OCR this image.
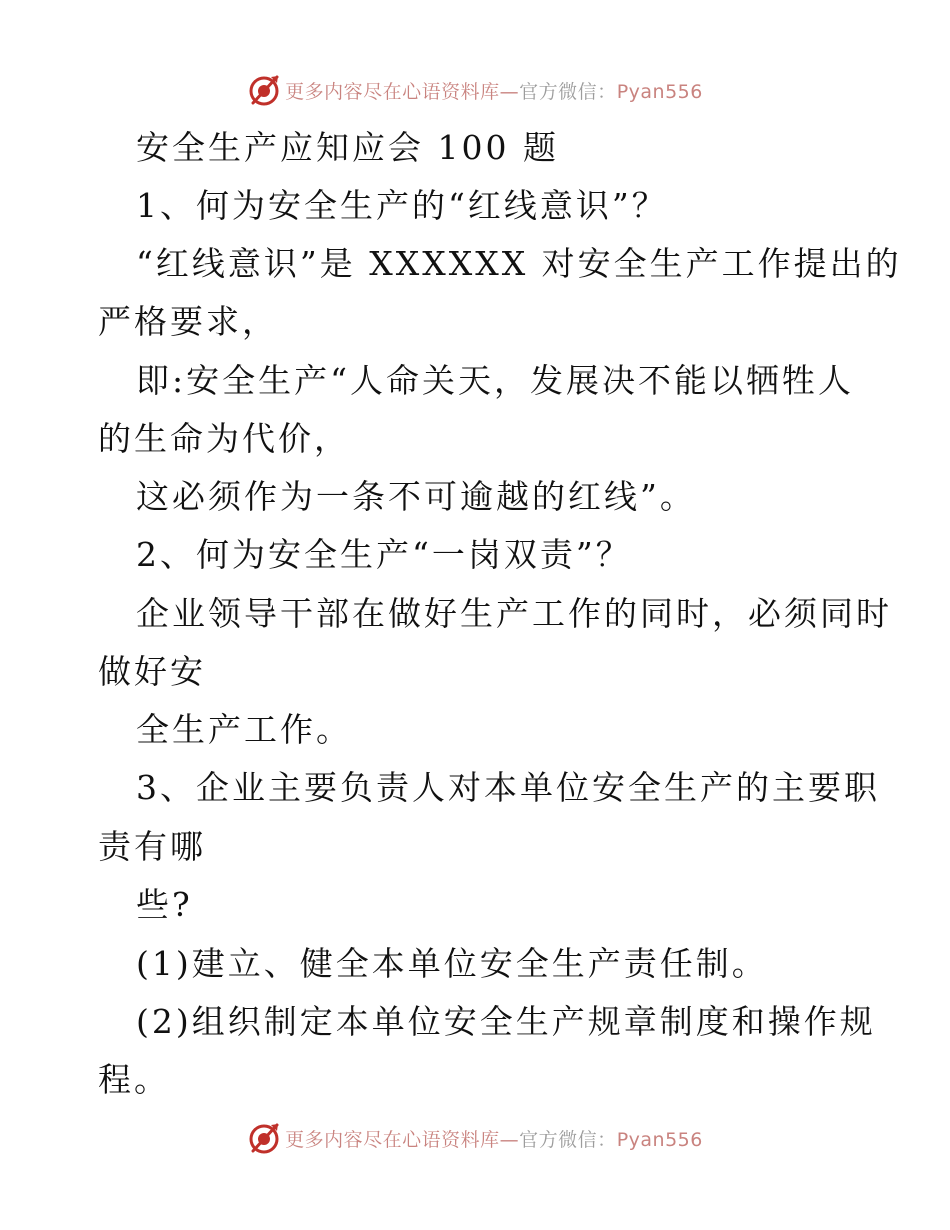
更多内容尽在心语资料库—官方微信：Pyan556
安全生产应知应会 100 题
1、何为安全生产的“红线意识”？
“红线意识”是 XXXXXX 对安全生产工作提出的
严格要求，
即:安全生产“人命关天，发展决不能以牺牲人
的生命为代价，
这必须作为一条不可逾越的红线”。
2、何为安全生产“一岗双责”？
企业领导干部在做好生产工作的同时，必须同时
做好安
全生产工作。
3、企业主要负责人对本单位安全生产的主要职
责有哪
些?
(1)建立、健全本单位安全生产责任制。
(2)组织制定本单位安全生产规章制度和操作规
程。
更多内容尽在心语资料库—官方微信：Pyan556
